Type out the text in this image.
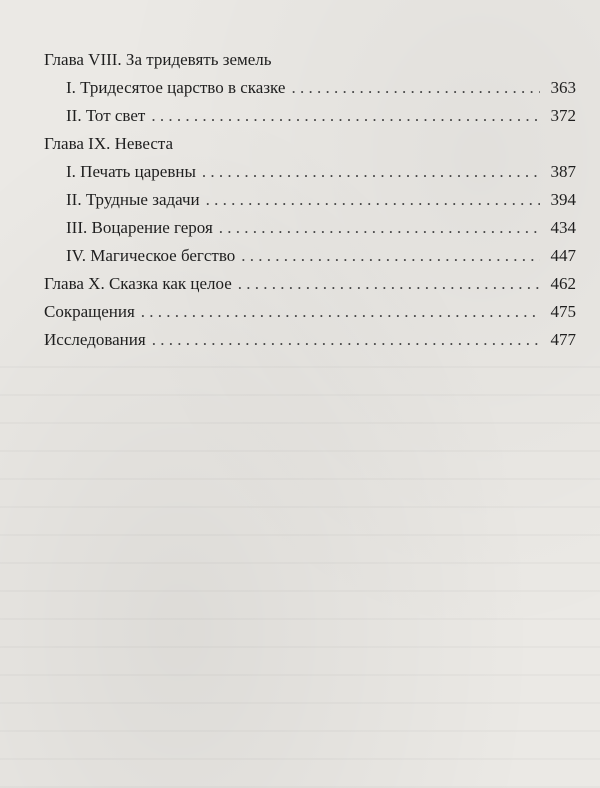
Глава VIII. За тридевять земель
I. Тридесятое царство в сказке . . .	363
II. Тот свет . . .	372
Глава IX. Невеста
I. Печать царевны . . .	387
II. Трудные задачи . . .	394
III. Воцарение героя . . .	434
IV. Магическое бегство . . .	447
Глава X. Сказка как целое . . .	462
Сокращения . . .	475
Исследования . . .	477
